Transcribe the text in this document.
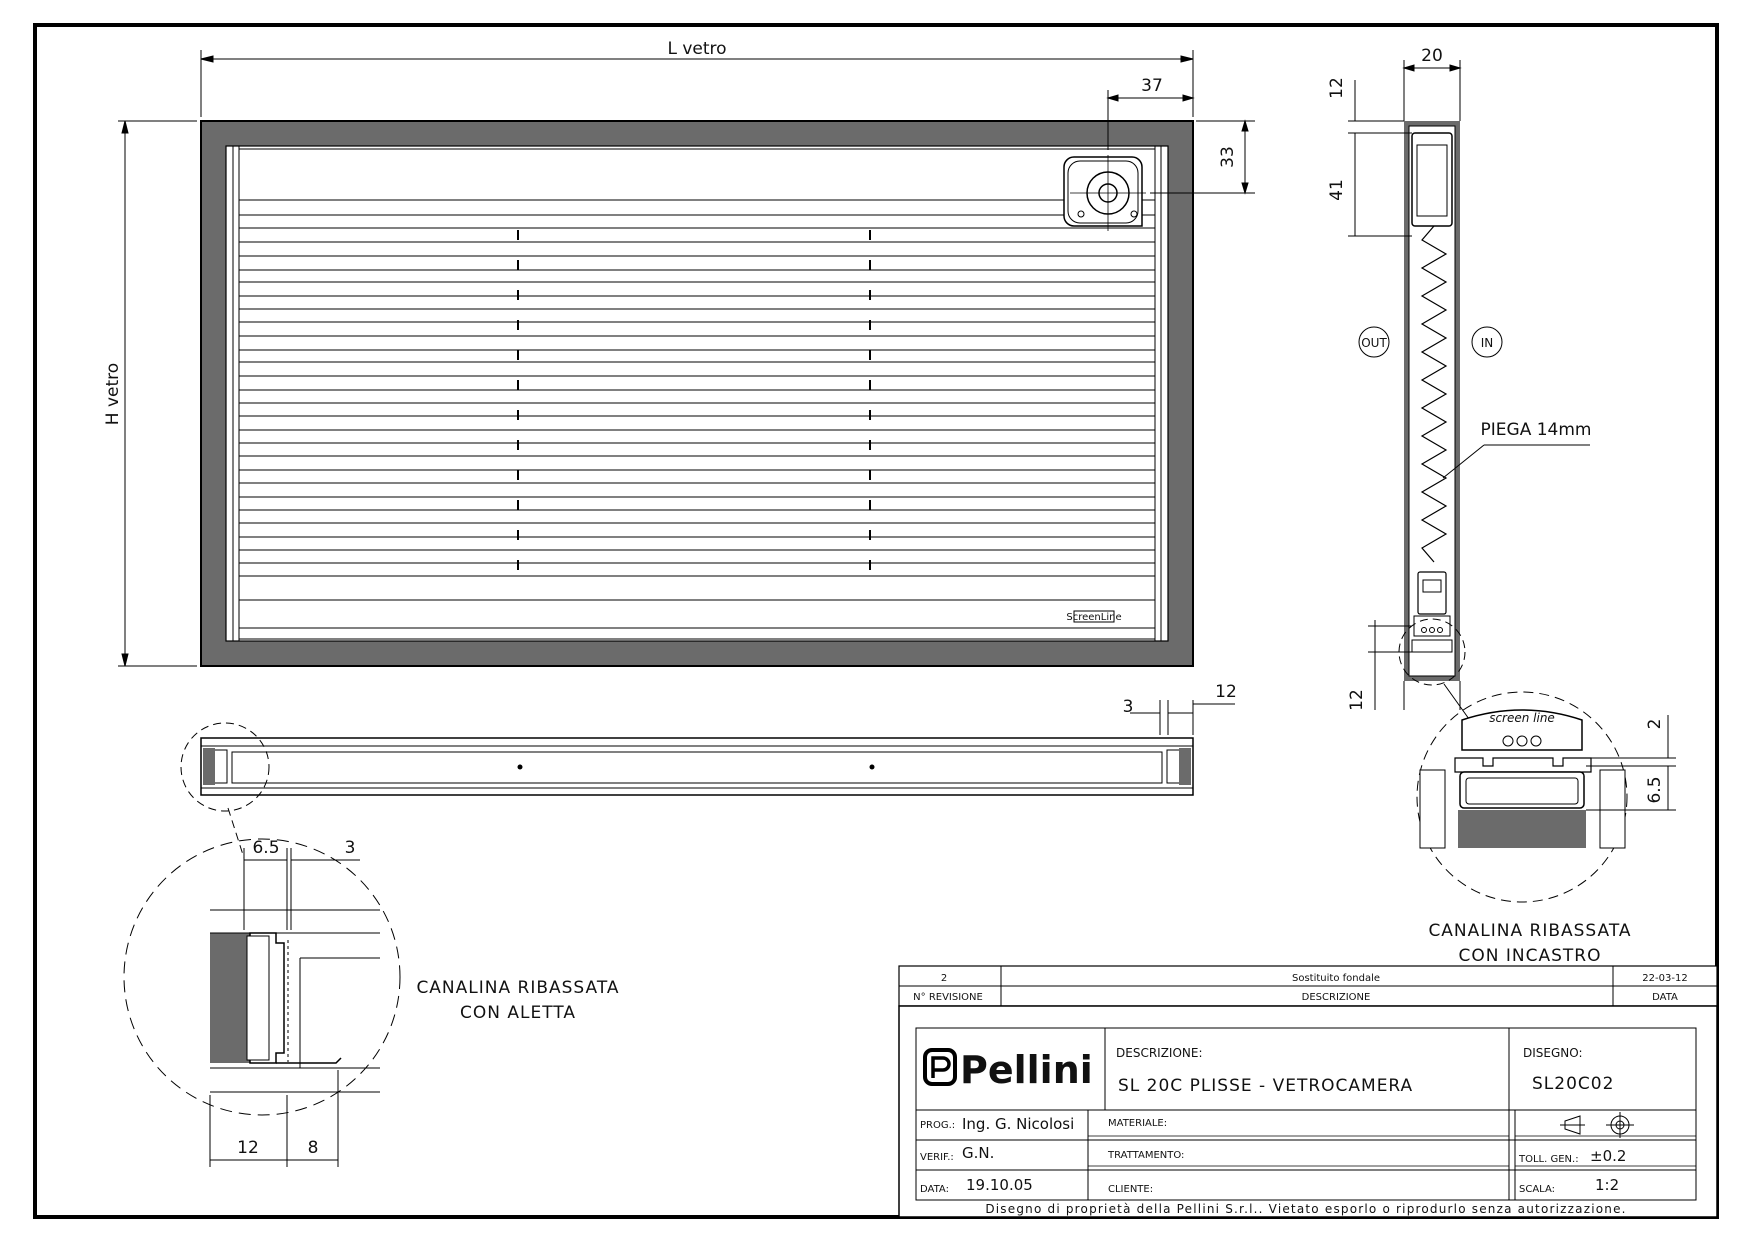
ScreenLine
L vetro
H vetro
37
33
3
12
6.5	3
12	8
CANALINA RIBASSATA
CON ALETTA
20
12
41
12
OUT	IN
PIEGA 14mm
screen line	2
6.5
CANALINA RIBASSATA
CON INCASTRO
2	Sostituito fondale	22-03-12
N° REVISIONE	DESCRIZIONE	DATA
Pellini DESCRIZIONE:
SL 20C PLISSE - VETROCAMERA
DISEGNO:
SL20C02
PROG.: Ing. G. Nicolosi
VERIF.: G.N.
DATA: 19.10.05
MATERIALE:
TRATTAMENTO:
CLIENTE:
TOLL. GEN.: ±0.2
SCALA:	1:2
Disegno di proprietà della Pellini S.r.l.. Vietato esporlo o riprodurlo senza autorizzazione.
